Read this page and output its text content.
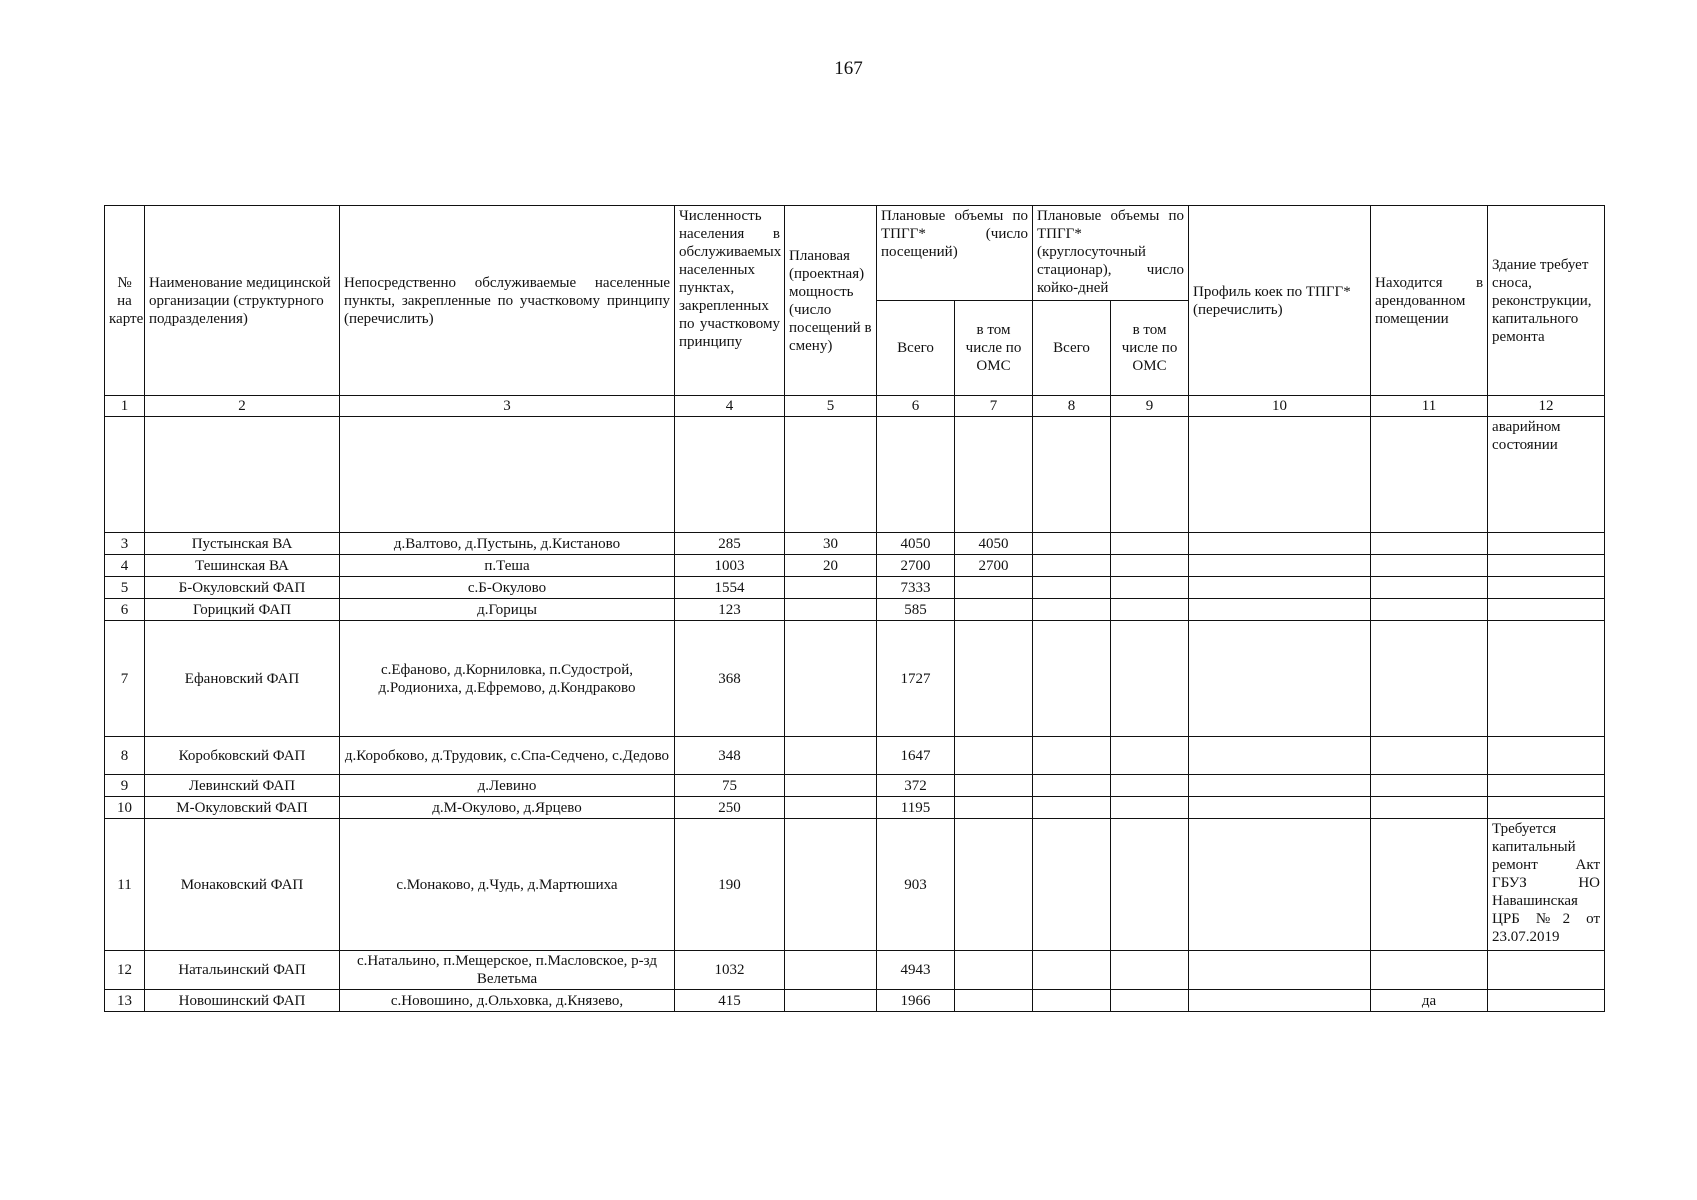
167
№ на карте	Наименование медицинской организации (структурного подразделения)	Непосредственно обслуживаемые населенные пункты, закрепленные по участковому принципу (перечислить)	Численность населения в обслуживаемых населенных пунктах, закрепленных по участковому принципу	Плановая (проектная) мощность (число посещений в смену)	Плановые объемы по ТПГГ* (число посещений)		Плановые объемы по ТПГГ* (круглосуточный стационар), число койко-дней		Профиль коек по ТПГГ* (перечислить)	Находится в арендованном помещении	Здание требует сноса, реконструкции, капитального ремонта
					Всего	в том числе по ОМС	Всего	в том числе по ОМС			
1	2	3	4	5	6	7	8	9	10	11	12
											аварийном состоянии
3	Пустынская ВА	д.Валтово, д.Пустынь, д.Кистаново	285	30	4050	4050					
4	Тешинская ВА	п.Теша	1003	20	2700	2700					
5	Б-Окуловский ФАП	с.Б-Окулово	1554		7333						
6	Горицкий ФАП	д.Горицы	123		585						
7	Ефановский ФАП	с.Ефаново, д.Корниловка, п.Судострой, д.Родиониха, д.Ефремово, д.Кондраково	368		1727						
8	Коробковский ФАП	д.Коробково, д.Трудовик, с.Спа-Седчено, с.Дедово	348		1647						
9	Левинский ФАП	д.Левино	75		372						
10	М-Окуловский ФАП	д.М-Окулово, д.Ярцево	250		1195						
11	Монаковский ФАП	с.Монаково, д.Чудь, д.Мартюшиха	190		903						Требуется капитальный ремонт Акт ГБУЗ НО Навашинская ЦРБ №2 от 23.07.2019
12	Натальинский ФАП	с.Натальино, п.Мещерское, п.Масловское, р-зд Велетьма	1032		4943						
13	Новошинский ФАП	с.Новошино, д.Ольховка, д.Князево,	415		1966					да	
